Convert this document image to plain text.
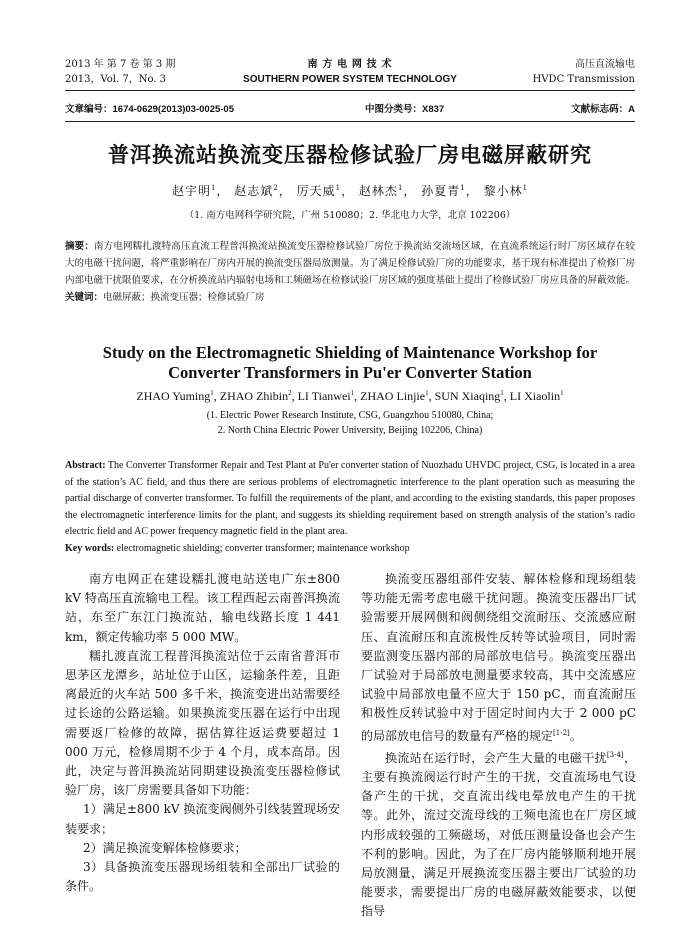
2013 年 第 7 卷 第 3 期	南 方 电 网 技 术	高压直流输电
2013，Vol. 7，No. 3	SOUTHERN POWER SYSTEM TECHNOLOGY	HVDC Transmission
文章编号：1674-0629(2013)03-0025-05	中图分类号：X837	文献标志码：A
普洱换流站换流变压器检修试验厂房电磁屏蔽研究
赵宇明$^1$， 赵志斌$^2$， 厉天威$^1$， 赵林杰$^1$， 孙夏青$^1$， 黎小林$^1$
（1. 南方电网科学研究院，广州 510080；2. 华北电力大学，北京 102206）
摘要：南方电网糯扎渡特高压直流工程普洱换流站换流变压器检修试验厂房位于换流站交流场区域，在直流系统运行时厂房区域存在较大的电磁干扰问题，将严重影响在厂房内开展的换流变压器局放测量。为了满足检修试验厂房的功能要求，基于现有标准提出了检修厂房内部电磁干扰限值要求，在分析换流站内辐射电场和工频磁场在检修试验厂房区域的强度基础上提出了检修试验厂房应具备的屏蔽效能。
关键词：电磁屏蔽；换流变压器；检修试验厂房
Study on the Electromagnetic Shielding of Maintenance Workshop for
Converter Transformers in Pu'er Converter Station
ZHAO Yuming$^1$, ZHAO Zhibin$^2$, LI Tianwei$^1$, ZHAO Linjie$^1$, SUN Xiaqing$^1$, LI Xiaolin$^1$
(1. Electric Power Research Institute, CSG, Guangzhou 510080, China;
2. North China Electric Power University, Beijing 102206, China)
Abstract: The Converter Transformer Repair and Test Plant at Pu'er converter station of Nuozhadu UHVDC project, CSG, is located in a area of the station’s AC field, and thus there are serious problems of electromagnetic interference to the plant operation such as measuring the partial discharge of converter transformer. To fulfill the requirements of the plant, and according to the existing standards, this paper proposes the electromagnetic interference limits for the plant, and suggests its shielding requirement based on strength analysis of the station’s radio electric field and AC power frequency magnetic field in the plant area.
Key words: electromagnetic shielding; converter transformer; maintenance workshop

南方电网正在建设糯扎渡电站送电广东±800 kV 特高压直流输电工程。该工程西起云南普洱换流站，东至广东江门换流站，输电线路长度 1 441 km，额定传输功率 5 000 MW。

糯扎渡直流工程普洱换流站位于云南省普洱市思茅区龙潭乡，站址位于山区，运输条件差，且距离最近的火车站 500 多千米，换流变进出站需要经过长途的公路运输。如果换流变压器在运行中出现需要返厂检修的故障，据估算往返运费要超过 1 000 万元，检修周期不少于 4 个月，成本高昂。因此，决定与普洱换流站同期建设换流变压器检修试验厂房，该厂房需要具备如下功能：

1）满足±800 kV 换流变阀侧外引线装置现场安装要求；

2）满足换流变解体检修要求；

3）具备换流变压器现场组装和全部出厂试验的条件。

换流变压器组部件安装、解体检修和现场组装等功能无需考虑电磁干扰问题。换流变压器出厂试验需要开展网侧和阀侧绕组交流耐压、交流感应耐压、直流耐压和直流极性反转等试验项目，同时需要监测变压器内部的局部放电信号。换流变压器出厂试验对于局部放电测量要求较高，其中交流感应试验中局部放电量不应大于 150 pC，而直流耐压和极性反转试验中对于固定时间内大于 2 000 pC 的局部放电信号的数量有严格的规定[1-2]。

换流站在运行时，会产生大量的电磁干扰[3-4]，主要有换流阀运行时产生的干扰，交直流场电气设备产生的干扰，交直流出线电晕放电产生的干扰等。此外，流过交流母线的工频电流也在厂房区域内形成较强的工频磁场，对低压测量设备也会产生不利的影响。因此，为了在厂房内能够顺利地开展局放测量，满足开展换流变压器主要出厂试验的功能要求，需要提出厂房的电磁屏蔽效能要求，以便指导
